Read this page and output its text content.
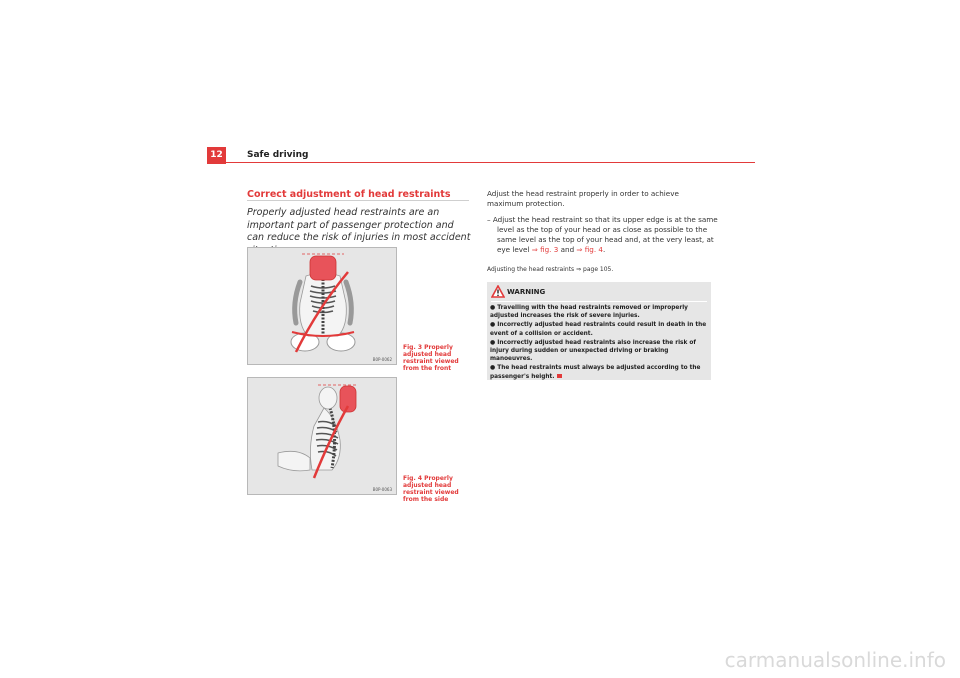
12	Safe driving
Correct adjustment of head restraints
Properly adjusted head restraints are an important part of passenger protection and can reduce the risk of injuries in most accident
B0P-0062
Fig. 3 Properly adjusted head restraint viewed from the front
B0P-0063
Fig. 4 Properly adjusted head restraint viewed from the side
Adjust the head restraint properly in order to achieve maximum protection.
– Adjust the head restraint so that its upper edge is at the same level as the top of your head or as close as possible to the same level as the top of your head and, at the very least, at eye level ⇒ fig. 3 and ⇒ fig. 4.
Adjusting the head restraints ⇒ page 105.
WARNING
● Travelling with the head restraints removed or improperly adjusted increases the risk of severe injuries.
● Incorrectly adjusted head restraints could result in death in the event of a collision or accident.
● Incorrectly adjusted head restraints also increase the risk of injury during sudden or unexpected driving or braking manoeuvres.
● The head restraints must always be adjusted according to the passenger's height.
carmanualsonline.info
